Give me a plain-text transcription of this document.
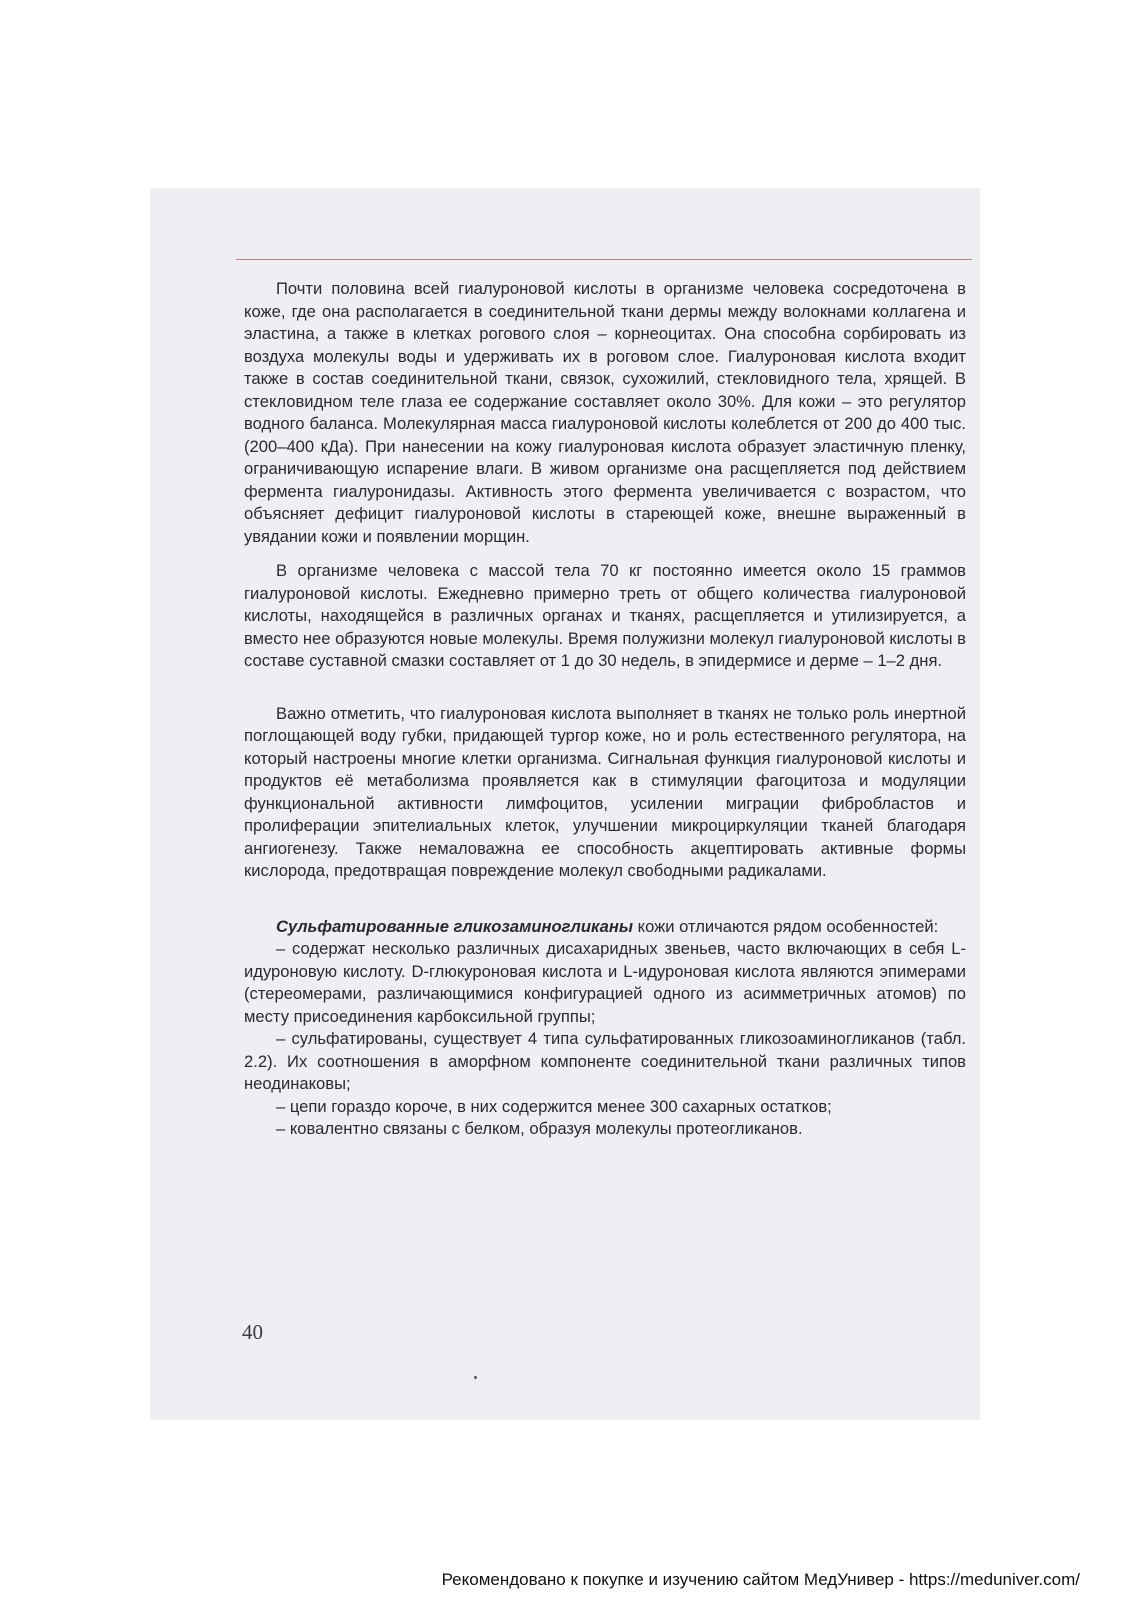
Почти половина всей гиалуроновой кислоты в организме человека сосредоточена в коже, где она располагается в соединительной ткани дермы между волокнами коллагена и эластина, а также в клетках рогового слоя – корнеоцитах. Она способна сорбировать из воздуха молекулы воды и удерживать их в роговом слое. Гиалуроновая кислота входит также в состав соединительной ткани, связок, сухожилий, стекловидного тела, хрящей. В стекловидном теле глаза ее содержание составляет около 30%. Для кожи – это регулятор водного баланса. Молекулярная масса гиалуроновой кислоты колеблется от 200 до 400 тыс. (200–400 кДа). При нанесении на кожу гиалуроновая кислота образует эластичную пленку, ограничивающую испарение влаги. В живом организме она расщепляется под действием фермента гиалуронидазы. Активность этого фермента увеличивается с возрастом, что объясняет дефицит гиалуроновой кислоты в стареющей коже, внешне выраженный в увядании кожи и появлении морщин.

В организме человека с массой тела 70 кг постоянно имеется около 15 граммов гиалуроновой кислоты. Ежедневно примерно треть от общего количества гиалуроновой кислоты, находящейся в различных органах и тканях, расщепляется и утилизируется, а вместо нее образуются новые молекулы. Время полужизни молекул гиалуроновой кислоты в составе суставной смазки составляет от 1 до 30 недель, в эпидермисе и дерме – 1–2 дня.

Важно отметить, что гиалуроновая кислота выполняет в тканях не только роль инертной поглощающей воду губки, придающей тургор коже, но и роль естественного регулятора, на который настроены многие клетки организма. Сигнальная функция гиалуроновой кислоты и продуктов её метаболизма проявляется как в стимуляции фагоцитоза и модуляции функциональной активности лимфоцитов, усилении миграции фибробластов и пролиферации эпителиальных клеток, улучшении микроциркуляции тканей благодаря ангиогенезу. Также немаловажна ее способность акцептировать активные формы кислорода, предотвращая повреждение молекул свободными радикалами.

Сульфатированные гликозаминогликаны кожи отличаются рядом особенностей:

– содержат несколько различных дисахаридных звеньев, часто включающих в себя L-идуроновую кислоту. D-глюкуроновая кислота и L-идуроновая кислота являются эпимерами (стереомерами, различающимися конфигурацией одного из асимметричных атомов) по месту присоединения карбоксильной группы;

– сульфатированы, существует 4 типа сульфатированных гликозоаминогликанов (табл. 2.2). Их соотношения в аморфном компоненте соединительной ткани различных типов неодинаковы;

– цепи гораздо короче, в них содержится менее 300 сахарных остатков;

– ковалентно связаны с белком, образуя молекулы протеогликанов.

40
Рекомендовано к покупке и изучению сайтом МедУнивер - https://meduniver.com/
